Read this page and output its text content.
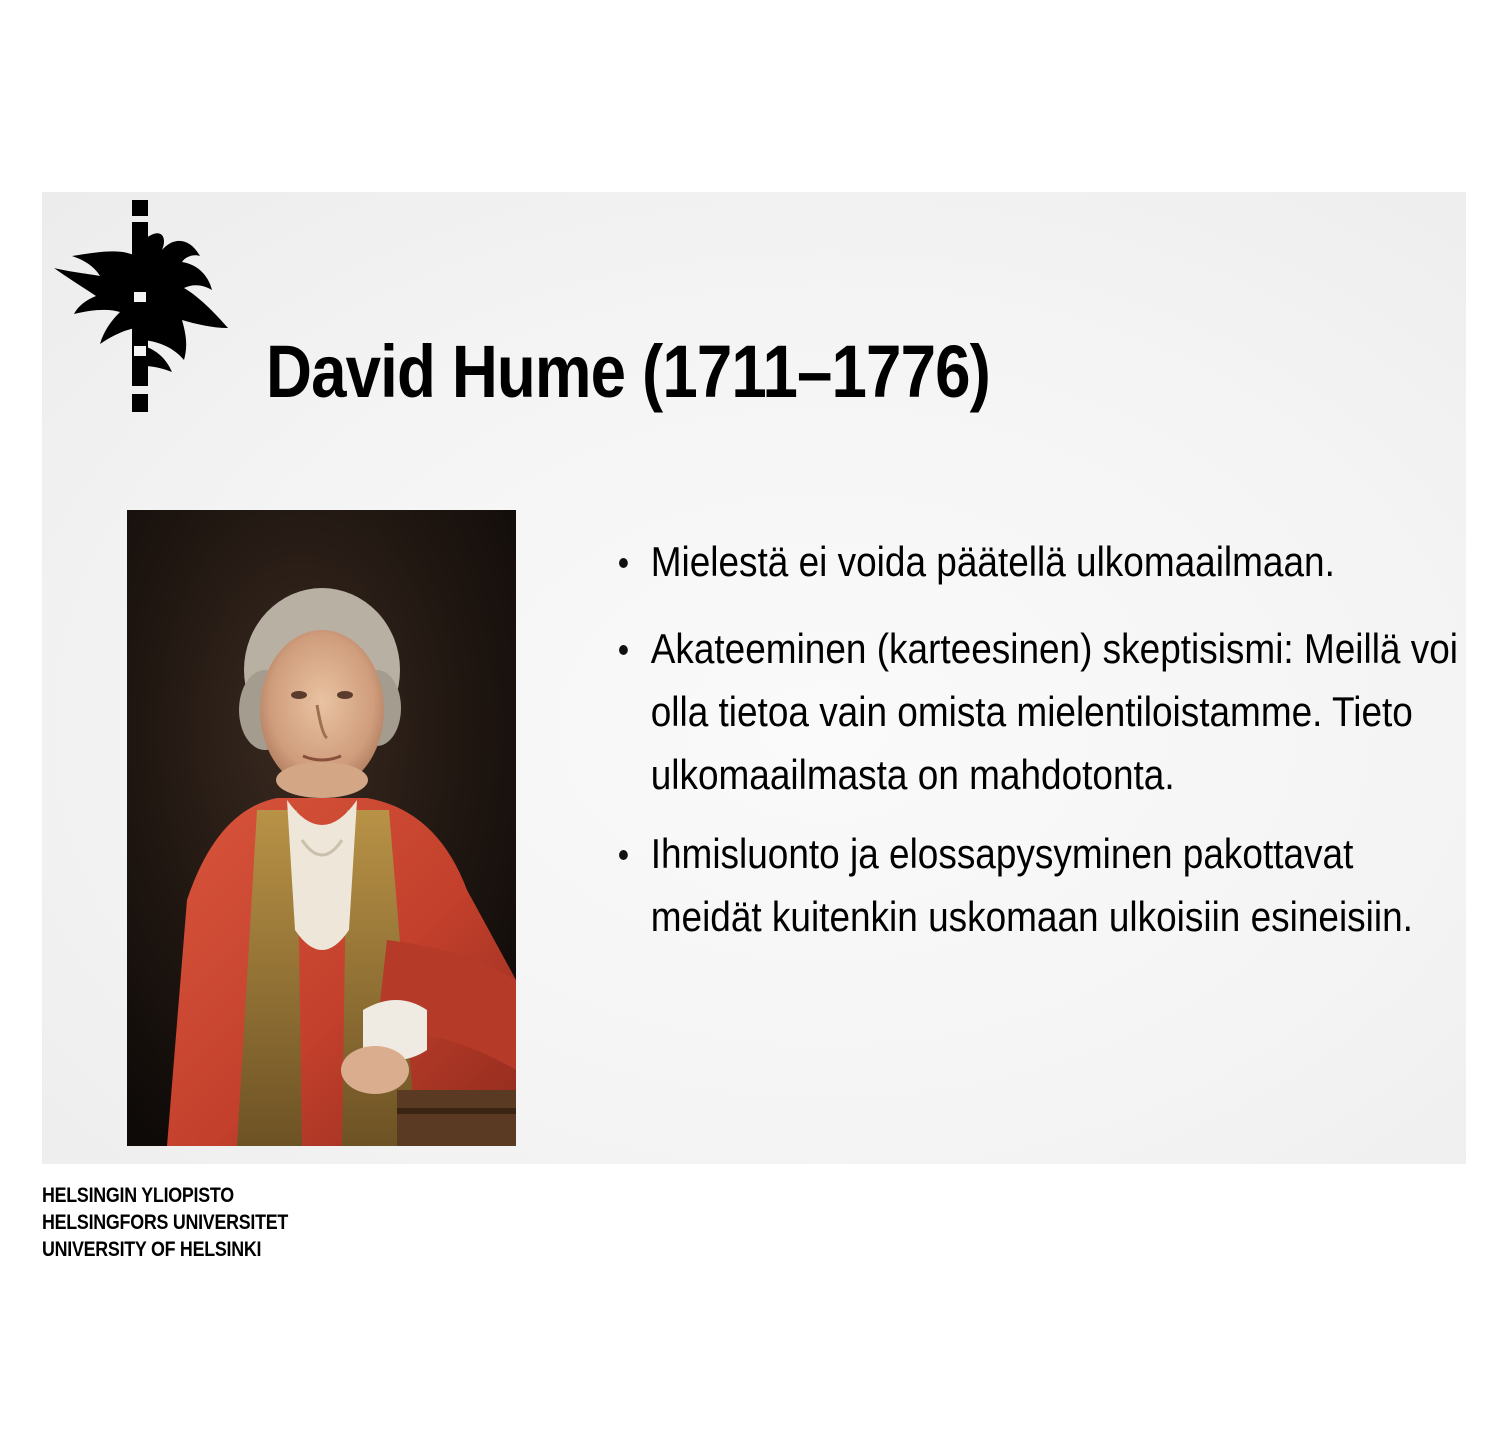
David Hume (1711–1776)
Mielestä ei voida päätellä ulkomaailmaan.
Akateeminen (karteesinen) skeptisismi: Meillä voi olla tietoa vain omista mielentiloistamme. Tieto ulkomaailmasta on mahdotonta.
Ihmisluonto ja elossapysyminen pakottavat meidät kuitenkin uskomaan ulkoisiin esineisiin.
HELSINGIN YLIOPISTO
HELSINGFORS UNIVERSITET
UNIVERSITY OF HELSINKI
